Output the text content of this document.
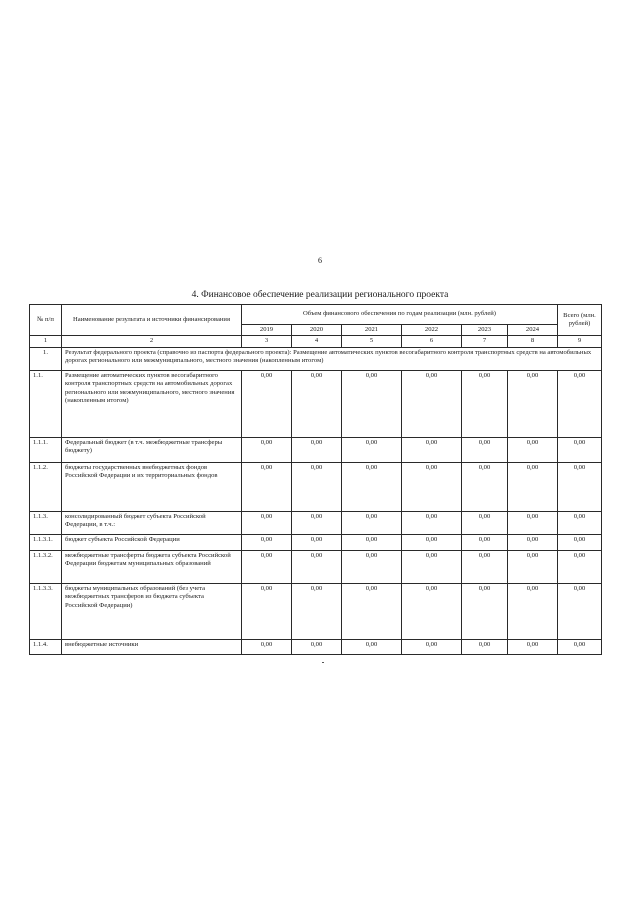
6
4. Финансовое обеспечение реализации регионального проекта
№ п/п	Наименование результата и источники финансирования	Объем финансового обеспечения по годам реализации (млн. рублей)						Всего (млн. рублей)
		2019	2020	2021	2022	2023	2024	
1	2	3	4	5	6	7	8	9
1.	Результат федерального проекта (справочно из паспорта федерального проекта): Размещение автоматических пунктов весогабаритного контроля транспортных средств на автомобильных дорогах регионального или межмуниципального, местного значения (накопленным итогом)							
1.1.	Размещение автоматических пунктов весогабаритного контроля транспортных средств на автомобильных дорогах регионального или межмуниципального, местного значения (накопленным итогом)	0,00	0,00	0,00	0,00	0,00	0,00	0,00
1.1.1.	Федеральный бюджет (в т.ч. межбюджетные трансферы бюджету)	0,00	0,00	0,00	0,00	0,00	0,00	0,00
1.1.2.	бюджеты государственных внебюджетных фондов Российской Федерации и их территориальных фондов	0,00	0,00	0,00	0,00	0,00	0,00	0,00
1.1.3.	консолидированный бюджет субъекта Российской Федерации, в т.ч.:	0,00	0,00	0,00	0,00	0,00	0,00	0,00
1.1.3.1.	бюджет субъекта Российской Федерации	0,00	0,00	0,00	0,00	0,00	0,00	0,00
1.1.3.2.	межбюджетные трансферты бюджета субъекта Российской Федерации бюджетам муниципальных образований	0,00	0,00	0,00	0,00	0,00	0,00	0,00
1.1.3.3.	бюджеты муниципальных образований (без учета межбюджетных трансферов из бюджета субъекта Российской Федерации)	0,00	0,00	0,00	0,00	0,00	0,00	0,00
1.1.4.	внебюджетные источники	0,00	0,00	0,00	0,00	0,00	0,00	0,00
